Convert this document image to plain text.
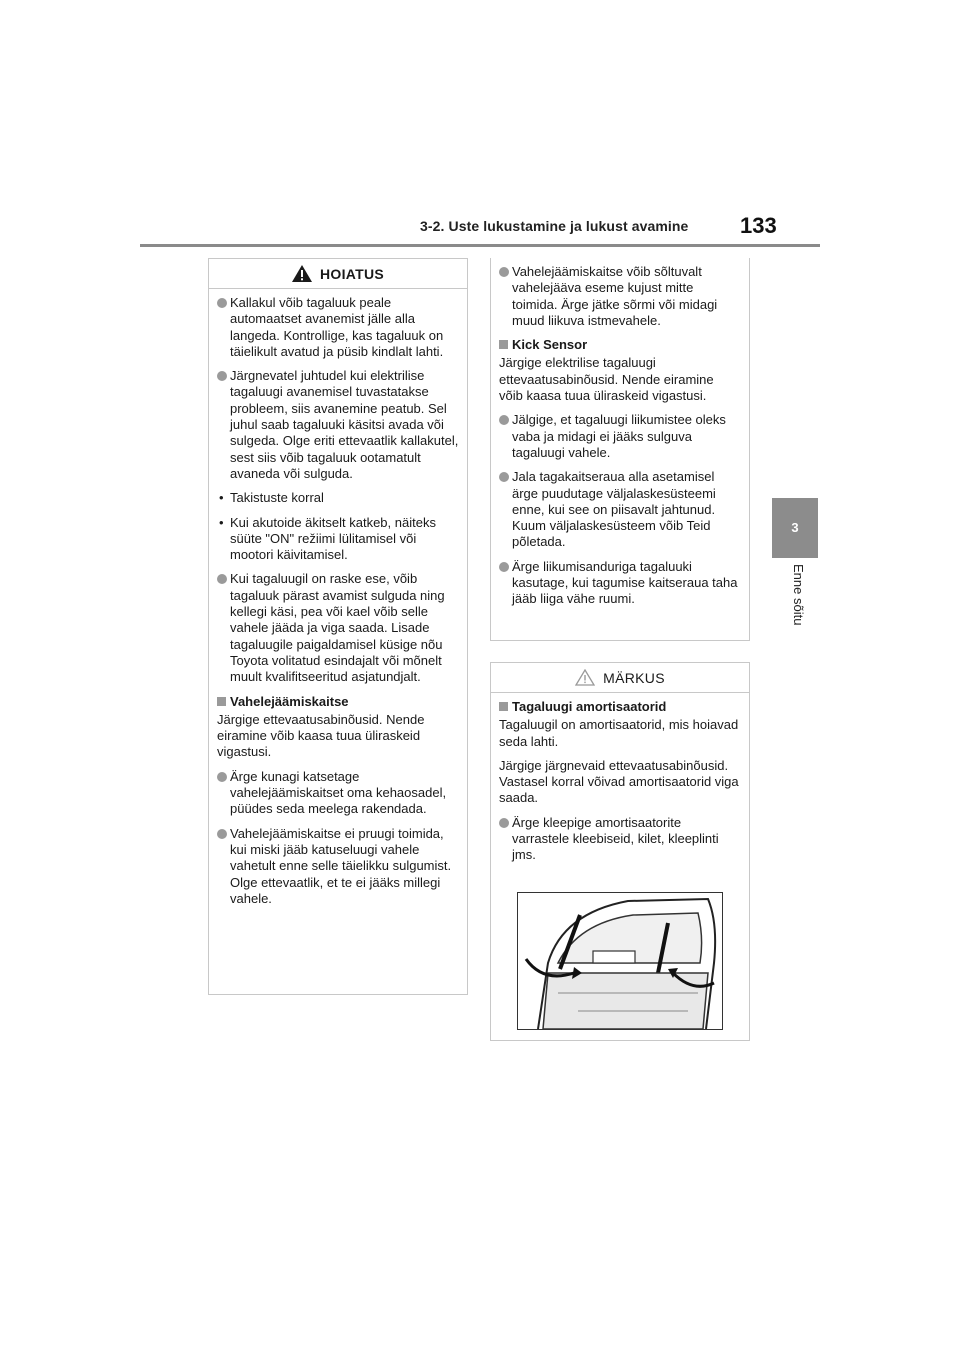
3-2. Uste lukustamine ja lukust avamine 133
3
Enne sõitu
HOIATUS
Kallakul võib tagaluuk peale automaatset avanemist jälle alla langeda. Kontrollige, kas tagaluuk on täielikult avatud ja püsib kindlalt lahti.
Järgnevatel juhtudel kui elektrilise tagaluugi avanemisel tuvastatakse probleem, siis avanemine peatub. Sel juhul saab tagaluuki käsitsi avada või sulgeda. Olge eriti ettevaatlik kallakutel, sest siis võib tagaluuk ootamatult avaneda või sulguda.
• Takistuste korral
• Kui akutoide äkitselt katkeb, näiteks süüte "ON" režiimi lülitamisel või mootori käivitamisel.
Kui tagaluugil on raske ese, võib tagaluuk pärast avamist sulguda ning kellegi käsi, pea või kael võib selle vahele jääda ja viga saada. Lisade tagaluugile paigaldamisel küsige nõu Toyota volitatud esindajalt või mõnelt muult kvalifitseeritud asjatundjalt.
Vahelejäämiskaitse
Järgige ettevaatusabinõusid. Nende eiramine võib kaasa tuua üliraskeid vigastusi.
Ärge kunagi katsetage vahelejäämiskaitset oma kehaosadel, püüdes seda meelega rakendada.
Vahelejäämiskaitse ei pruugi toimida, kui miski jääb katuseluugi vahele vahetult enne selle täielikku sulgumist. Olge ettevaatlik, et te ei jääks millegi vahele.
Vahelejäämiskaitse võib sõltuvalt vahelejääva eseme kujust mitte toimida. Ärge jätke sõrmi või midagi muud liikuva istmevahele.
Kick Sensor
Järgige elektrilise tagaluugi ettevaatusabinõusid. Nende eiramine võib kaasa tuua üliraskeid vigastusi.
Jälgige, et tagaluugi liikumistee oleks vaba ja midagi ei jääks sulguva tagaluugi vahele.
Jala tagakaitseraua alla asetamisel ärge puudutage väljalaskesüsteemi enne, kui see on piisavalt jahtunud. Kuum väljalaskesüsteem võib Teid põletada.
Ärge liikumisanduriga tagaluuki kasutage, kui tagumise kaitseraua taha jääb liiga vähe ruumi.
MÄRKUS
Tagaluugi amortisaatorid
Tagaluugil on amortisaatorid, mis hoiavad seda lahti.
Järgige järgnevaid ettevaatusabinõusid. Vastasel korral võivad amortisaatorid viga saada.
Ärge kleepige amortisaatorite varrastele kleebiseid, kilet, kleeplinti jms.
